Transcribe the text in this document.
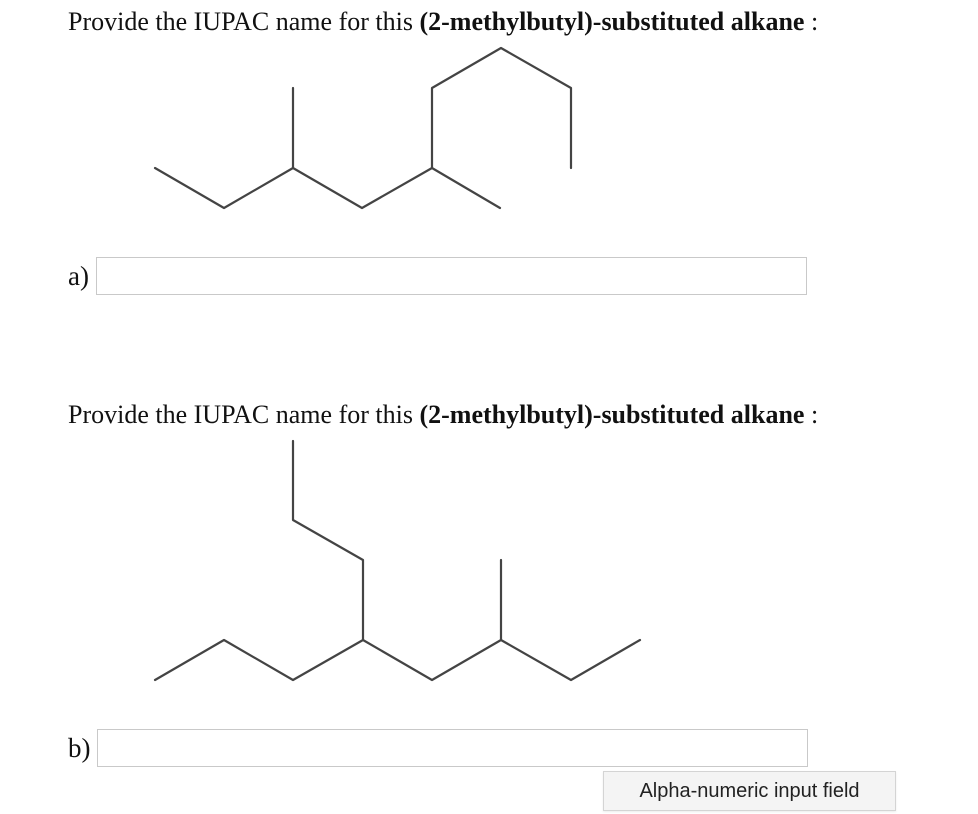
Provide the IUPAC name for this (2-methylbutyl)-substituted alkane :
a)
Provide the IUPAC name for this (2-methylbutyl)-substituted alkane :
b)
Alpha-numeric input field
